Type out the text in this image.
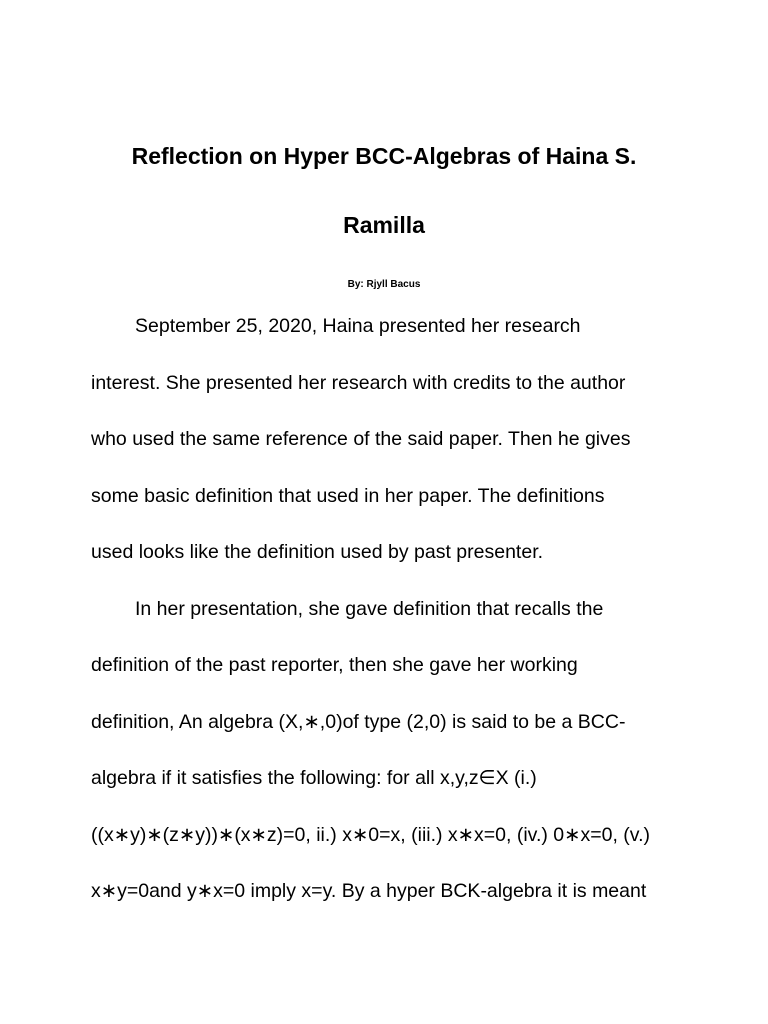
Reflection on Hyper BCC-Algebras of Haina S.
Ramilla
By: Rjyll Bacus
September 25, 2020, Haina presented her research
interest. She presented her research with credits to the author
who used the same reference of the said paper. Then he gives
some basic definition that used in her paper. The definitions
used looks like the definition used by past presenter.
In her presentation, she gave definition that recalls the
definition of the past reporter, then she gave her working
definition, An algebra (X,∗,0)of type (2,0) is said to be a BCC-
algebra if it satisfies the following: for all x,y,z∈X (i.)
((x∗y)∗(z∗y))∗(x∗z)=0, ii.) x∗0=x, (iii.) x∗x=0, (iv.) 0∗x=0, (v.)
x∗y=0and y∗x=0 imply x=y. By a hyper BCK-algebra it is meant
